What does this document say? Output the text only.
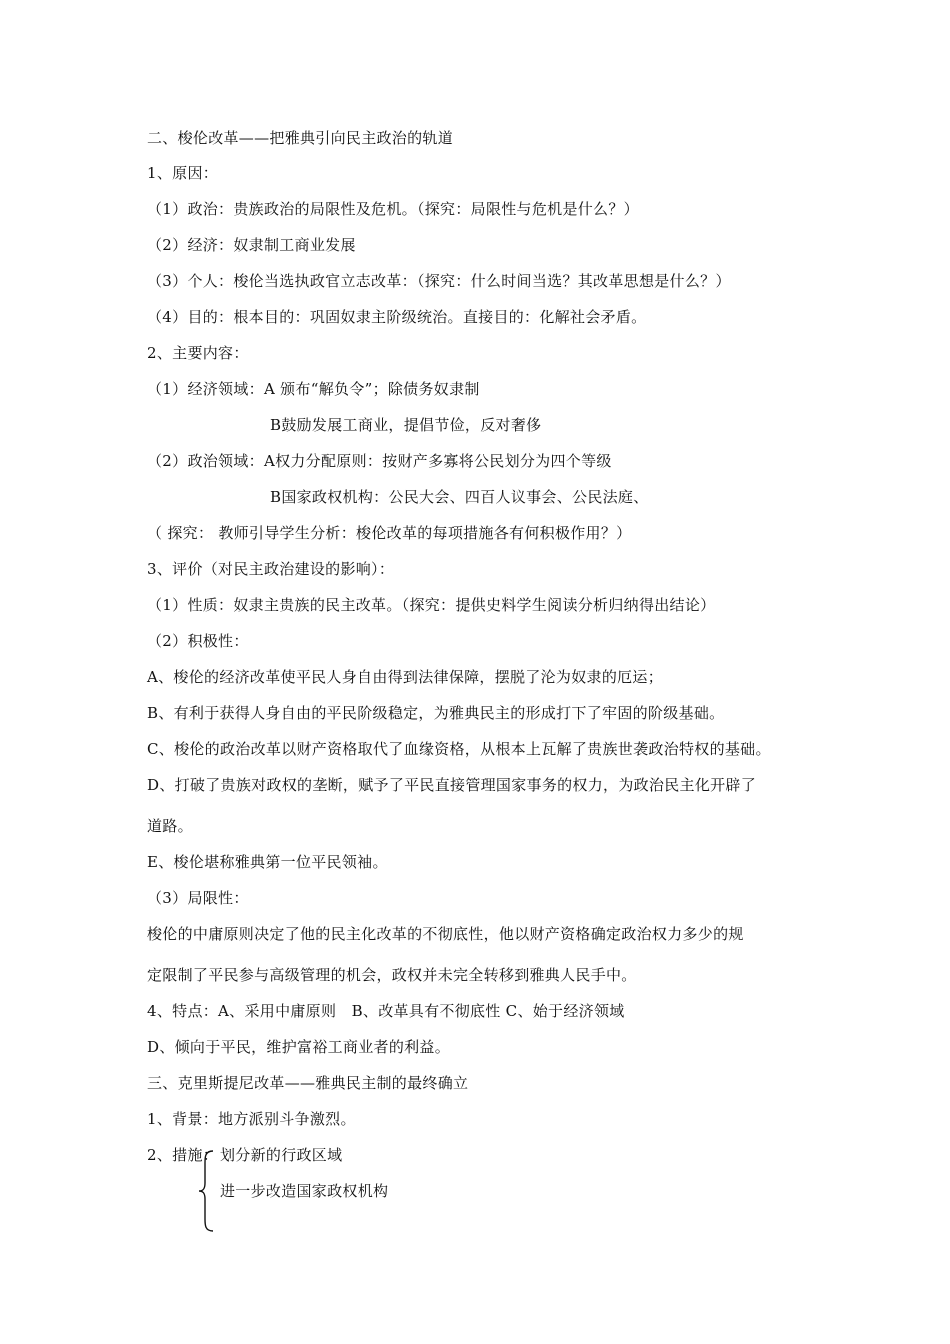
二、梭伦改革——把雅典引向民主政治的轨道
1、原因：
（1）政治：贵族政治的局限性及危机。（探究：局限性与危机是什么？）
（2）经济：奴隶制工商业发展
（3）个人：梭伦当选执政官立志改革：（探究：什么时间当选？其改革思想是什么？）
（4）目的：根本目的：巩固奴隶主阶级统治。直接目的：化解社会矛盾。
2、主要内容：
（1）经济领域：A 颁布“解负令”；除债务奴隶制
B鼓励发展工商业，提倡节俭，反对奢侈
（2）政治领域：A权力分配原则：按财产多寡将公民划分为四个等级
B国家政权机构：公民大会、四百人议事会、公民法庭、
（ 探究： 教师引导学生分析：梭伦改革的每项措施各有何积极作用？）
3、评价（对民主政治建设的影响）：
（1）性质：奴隶主贵族的民主改革。（探究：提供史料学生阅读分析归纳得出结论）
（2）积极性：
A、梭伦的经济改革使平民人身自由得到法律保障，摆脱了沦为奴隶的厄运；
B、有利于获得人身自由的平民阶级稳定，为雅典民主的形成打下了牢固的阶级基础。
C、梭伦的政治改革以财产资格取代了血缘资格，从根本上瓦解了贵族世袭政治特权的基础。
D、打破了贵族对政权的垄断，赋予了平民直接管理国家事务的权力，为政治民主化开辟了
道路。
E、梭伦堪称雅典第一位平民领袖。
（3）局限性：
梭伦的中庸原则决定了他的民主化改革的不彻底性，他以财产资格确定政治权力多少的规
定限制了平民参与高级管理的机会，政权并未完全转移到雅典人民手中。
4、特点：A、采用中庸原则　B、改革具有不彻底性 C、始于经济领域
D、倾向于平民，维护富裕工商业者的利益。
三、克里斯提尼改革——雅典民主制的最终确立
1、背景：地方派别斗争激烈。
2、措施： 划分新的行政区域
进一步改造国家政权机构
